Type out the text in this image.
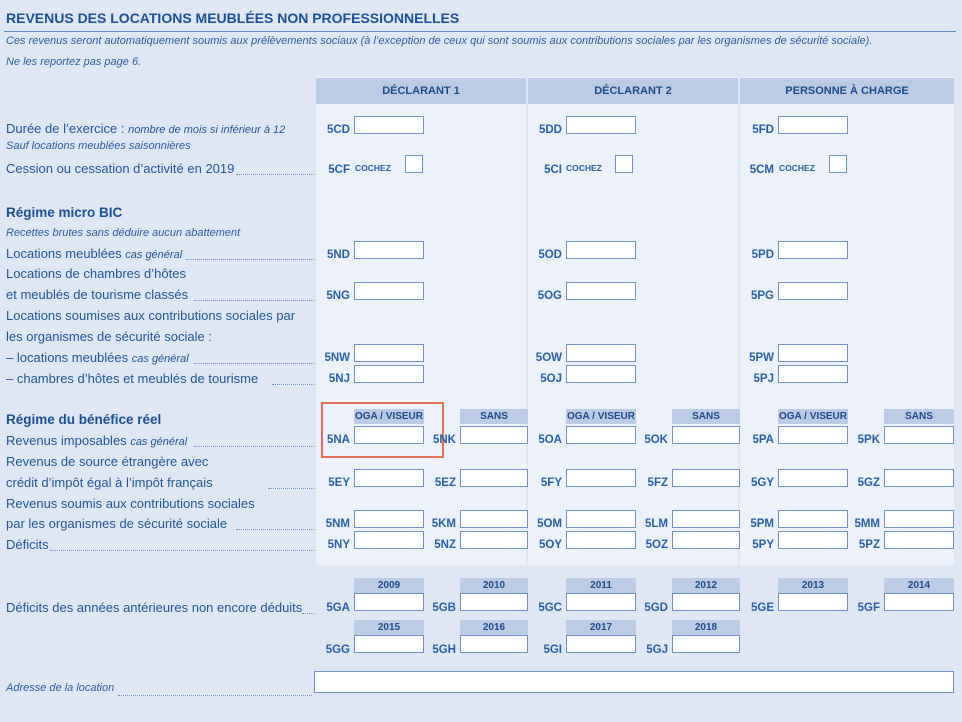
REVENUS DES LOCATIONS MEUBLÉES NON PROFESSIONNELLES
Ces revenus seront automatiquement soumis aux prélèvements sociaux (à l’exception de ceux qui sont soumis aux contributions sociales par les organismes de sécurité sociale).
Ne les reportez pas page 6.
DÉCLARANT 1	DÉCLARANT 2	PERSONNE À CHARGE
Durée de l’exercice : nombre de mois si inférieur à 12
Sauf locations meublées saisonnières
5CD	5DD	5FD
Cession ou cessation d’activité en 2019	5CF COCHEZ	5CI COCHEZ	5CM COCHEZ
Régime micro BIC
Recettes brutes sans déduire aucun abattement
Locations meublées cas général	5ND	5OD	5PD
Locations de chambres d’hôtes
et meublés de tourisme classés	5NG	5OG	5PG
Locations soumises aux contributions sociales par
les organismes de sécurité sociale :
– locations meublées cas général	5NW	5OW	5PW
– chambres d’hôtes et meublés de tourisme	5NJ	5OJ	5PJ
Régime du bénéfice réel	OGA / VISEUR	SANS	OGA / VISEUR	SANS	OGA / VISEUR	SANS
Revenus imposables cas général	5NA	5NK	5OA	5OK	5PA	5PK
Revenus de source étrangère avec
crédit d’impôt égal à l’impôt français	5EY	5EZ	5FY	5FZ	5GY	5GZ
Revenus soumis aux contributions sociales
par les organismes de sécurité sociale	5NM	5KM	5OM	5LM	5PM	5MM
Déficits	5NY	5NZ	5OY	5OZ	5PY	5PZ
Déficits des années antérieures non encore déduits
2009	2010	2011	2012	2013	2014
5GA	5GB	5GC	5GD	5GE	5GF
2015	2016	2017	2018
5GG	5GH	5GI	5GJ
Adresse de la location
